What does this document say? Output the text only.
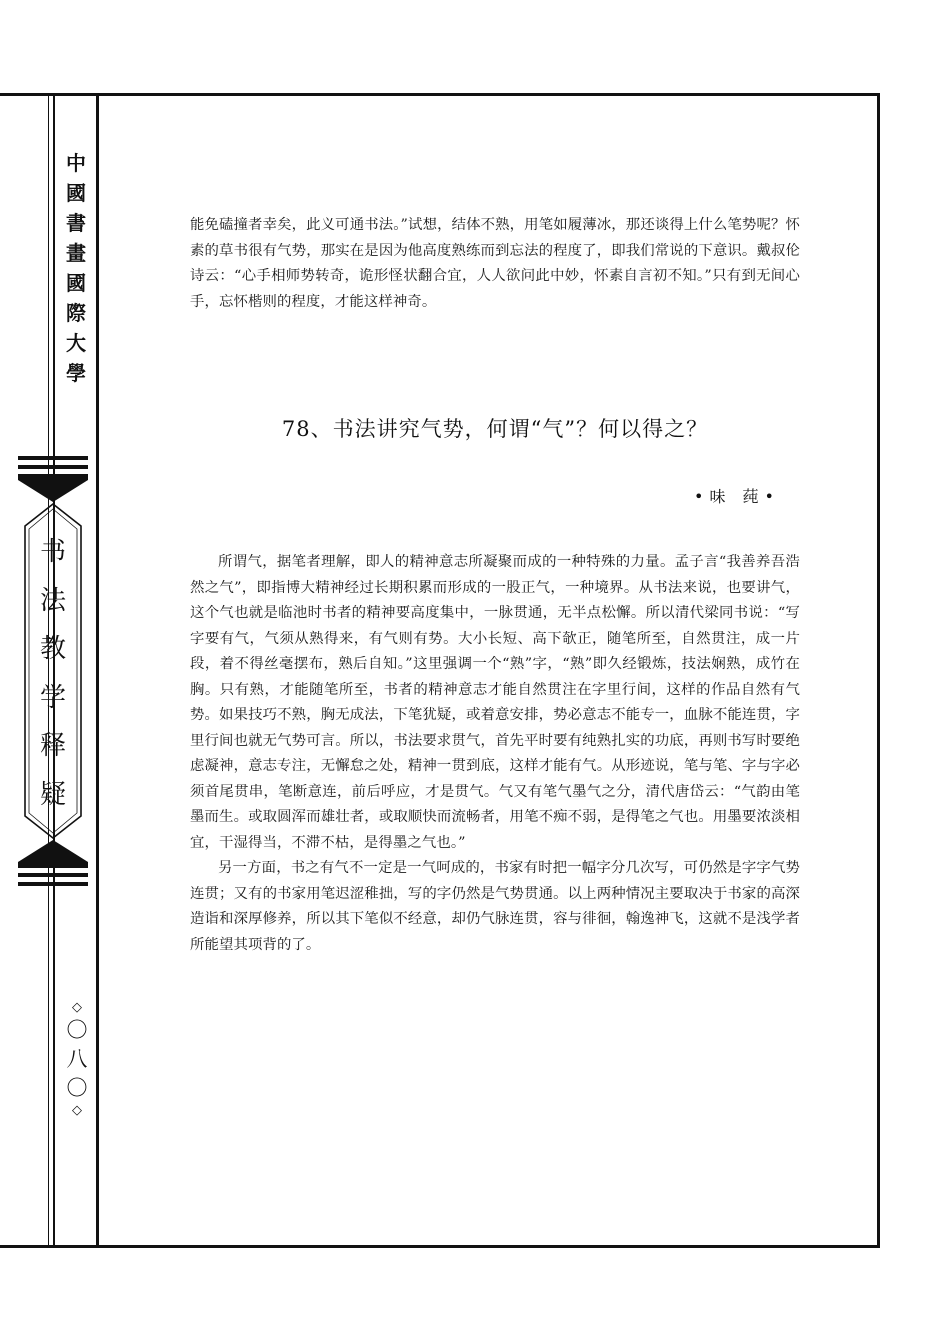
中
國
書
畫
國
際
大
學
书
法
教
学
释
疑
◇
〇
八
〇
◇

能免磕撞者幸矣，此义可通书法。”试想，结体不熟，用笔如履薄冰，那还谈得上什么笔势呢？怀素的草书很有气势，那实在是因为他高度熟练而到忘法的程度了，即我们常说的下意识。戴叔伦诗云：“心手相师势转奇，诡形怪状翻合宜，人人欲问此中妙，怀素自言初不知。”只有到无间心手，忘怀楷则的程度，才能这样神奇。

78、书法讲究气势，何谓“气”？何以得之？
•味 莼•

所谓气，据笔者理解，即人的精神意志所凝聚而成的一种特殊的力量。孟子言“我善养吾浩然之气”，即指博大精神经过长期积累而形成的一股正气，一种境界。从书法来说，也要讲气，这个气也就是临池时书者的精神要高度集中，一脉贯通，无半点松懈。所以清代梁同书说：“写字要有气，气须从熟得来，有气则有势。大小长短、高下欹正，随笔所至，自然贯注，成一片段，着不得丝毫摆布，熟后自知。”这里强调一个“熟”字，“熟”即久经锻炼，技法娴熟，成竹在胸。只有熟，才能随笔所至，书者的精神意志才能自然贯注在字里行间，这样的作品自然有气势。如果技巧不熟，胸无成法，下笔犹疑，或着意安排，势必意志不能专一，血脉不能连贯，字里行间也就无气势可言。所以，书法要求贯气，首先平时要有纯熟扎实的功底，再则书写时要绝虑凝神，意志专注，无懈怠之处，精神一贯到底，这样才能有气。从形迹说，笔与笔、字与字必须首尾贯串，笔断意连，前后呼应，才是贯气。气又有笔气墨气之分，清代唐岱云：“气韵由笔墨而生。或取圆浑而雄壮者，或取顺快而流畅者，用笔不痴不弱，是得笔之气也。用墨要浓淡相宜，干湿得当，不滞不枯，是得墨之气也。”

另一方面，书之有气不一定是一气呵成的，书家有时把一幅字分几次写，可仍然是字字气势连贯；又有的书家用笔迟涩稚拙，写的字仍然是气势贯通。以上两种情况主要取决于书家的高深造诣和深厚修养，所以其下笔似不经意，却仍气脉连贯，容与徘徊，翰逸神飞，这就不是浅学者所能望其项背的了。
